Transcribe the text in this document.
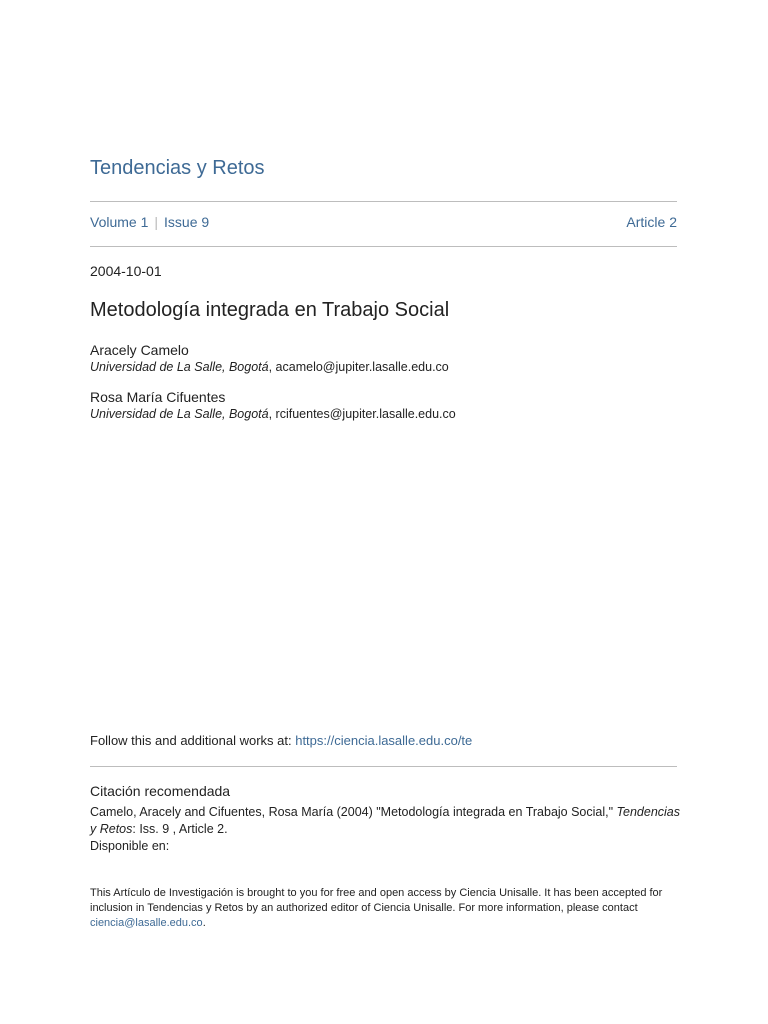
Tendencias y Retos
Volume 1 | Issue 9	Article 2
2004-10-01
Metodología integrada en Trabajo Social
Aracely Camelo
Universidad de La Salle, Bogotá, acamelo@jupiter.lasalle.edu.co
Rosa María Cifuentes
Universidad de La Salle, Bogotá, rcifuentes@jupiter.lasalle.edu.co
Follow this and additional works at: https://ciencia.lasalle.edu.co/te
Citación recomendada
Camelo, Aracely and Cifuentes, Rosa María (2004) "Metodología integrada en Trabajo Social," Tendencias y Retos: Iss. 9 , Article 2.
Disponible en:
This Artículo de Investigación is brought to you for free and open access by Ciencia Unisalle. It has been accepted for inclusion in Tendencias y Retos by an authorized editor of Ciencia Unisalle. For more information, please contact ciencia@lasalle.edu.co.
